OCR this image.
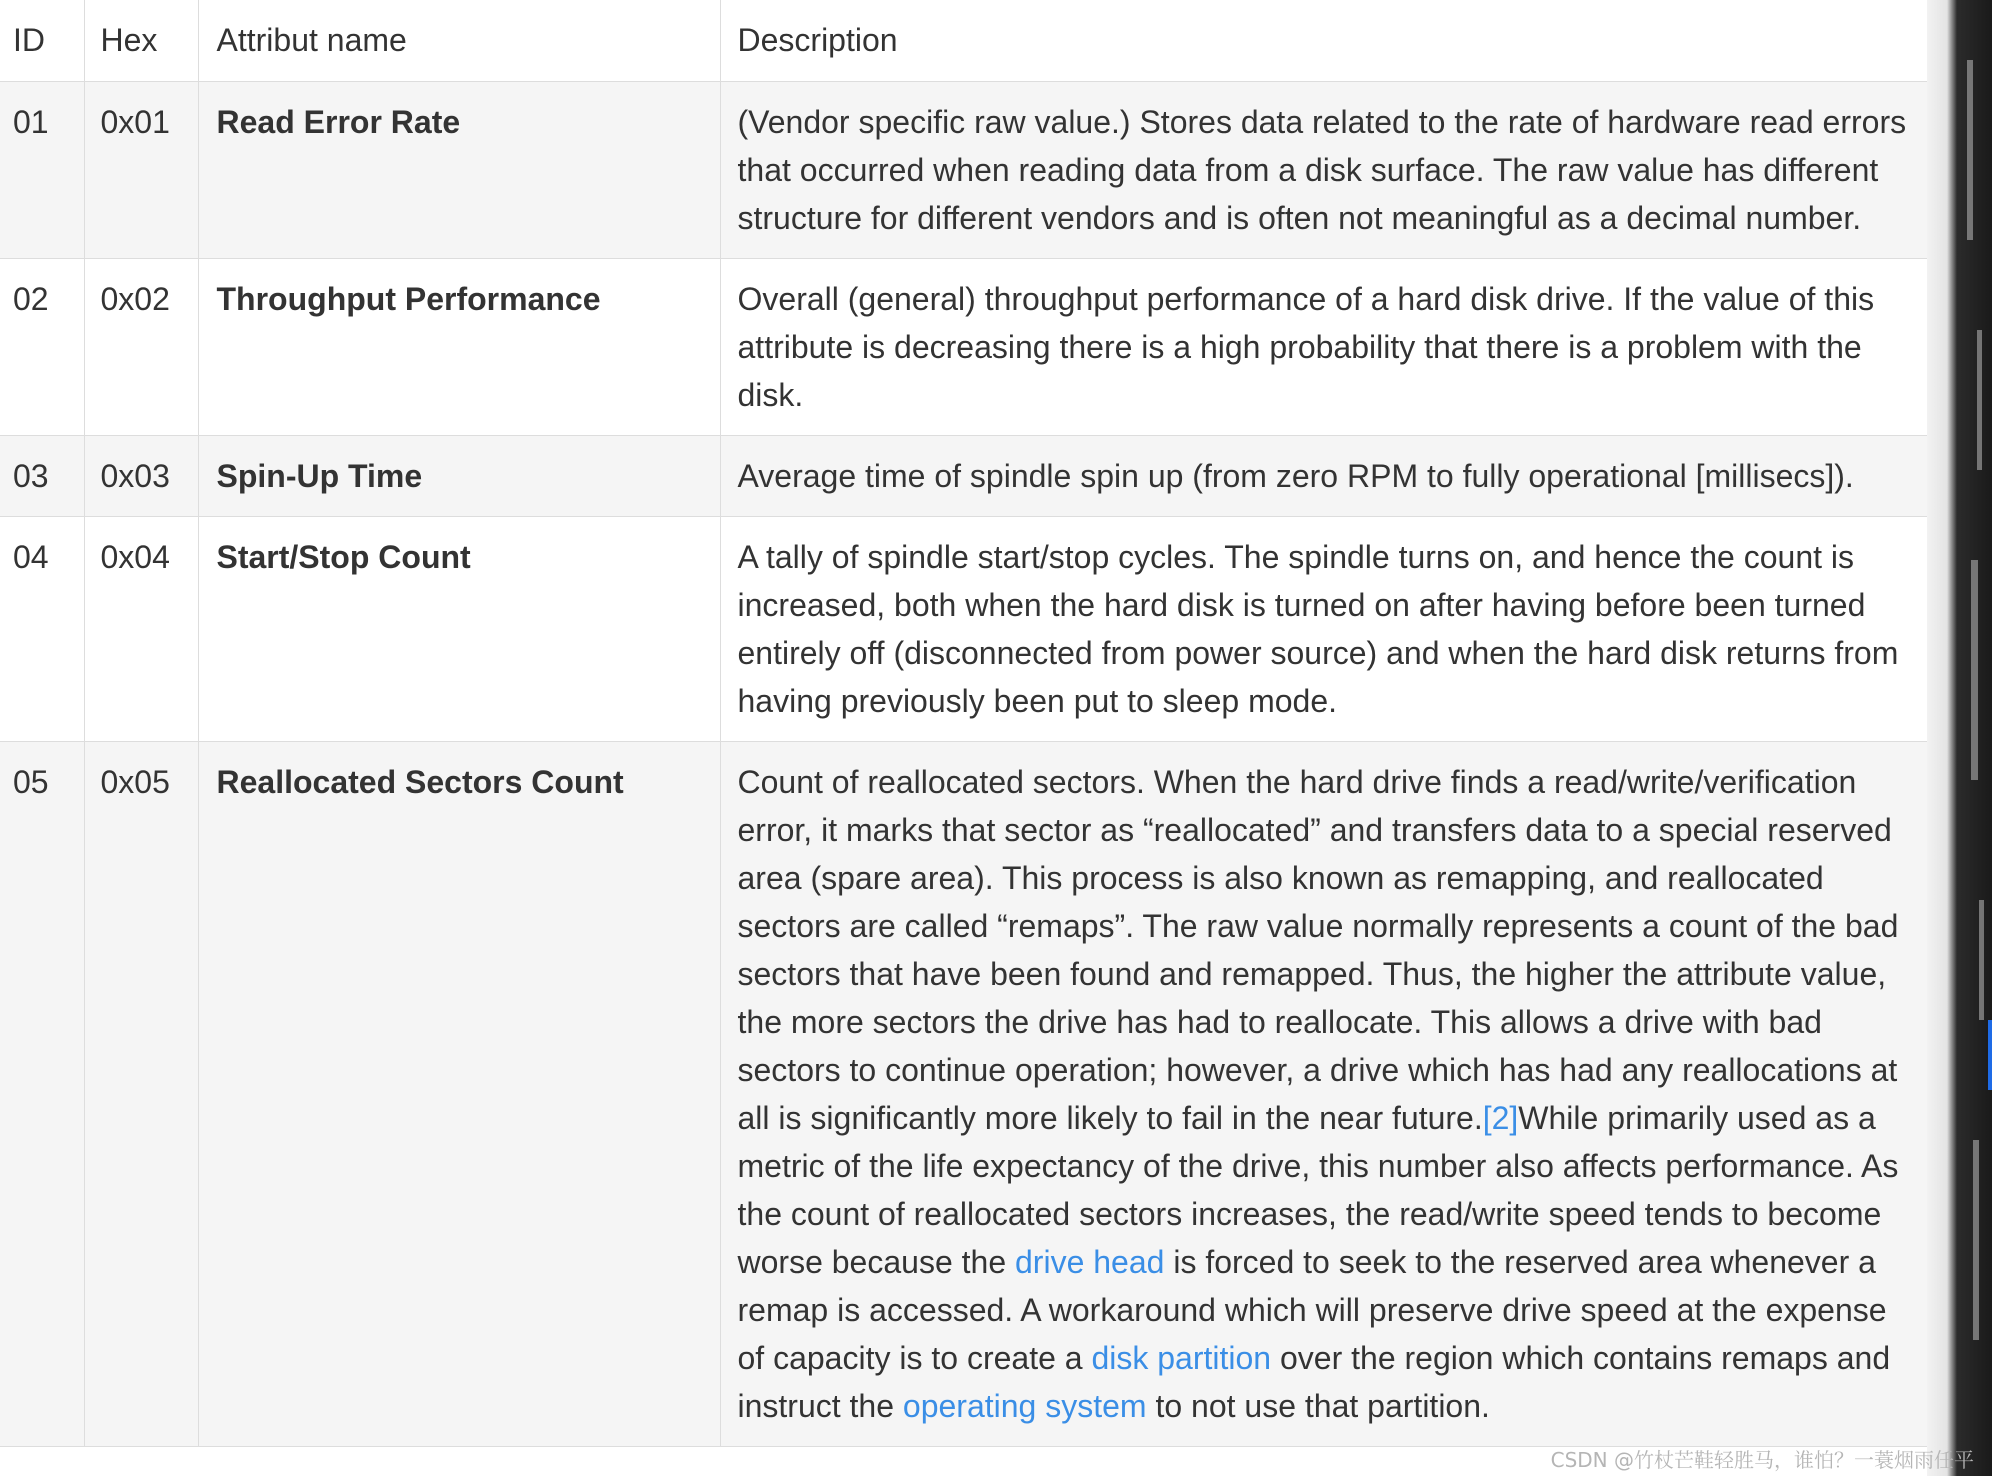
ID	Hex	Attribut name	Description
01	0x01	Read Error Rate	(Vendor specific raw value.) Stores data related to the rate of hardware read errors that occurred when reading data from a disk surface. The raw value has different structure for different vendors and is often not meaningful as a decimal number.
02	0x02	Throughput Performance	Overall (general) throughput performance of a hard disk drive. If the value of this attribute is decreasing there is a high probability that there is a problem with the disk.
03	0x03	Spin-Up Time	Average time of spindle spin up (from zero RPM to fully operational [millisecs]).
04	0x04	Start/Stop Count	A tally of spindle start/stop cycles. The spindle turns on, and hence the count is increased, both when the hard disk is turned on after having before been turned entirely off (disconnected from power source) and when the hard disk returns from having previously been put to sleep mode.
05	0x05	Reallocated Sectors Count	Count of reallocated sectors. When the hard drive finds a read/write/verification error, it marks that sector as “reallocated” and transfers data to a special reserved area (spare area). This process is also known as remapping, and reallocated sectors are called “remaps”. The raw value normally represents a count of the bad sectors that have been found and remapped. Thus, the higher the attribute value, the more sectors the drive has had to reallocate. This allows a drive with bad sectors to continue operation; however, a drive which has had any reallocations at all is significantly more likely to fail in the near future.[2]While primarily used as a metric of the life expectancy of the drive, this number also affects performance. As the count of reallocated sectors increases, the read/write speed tends to become worse because the drive head is forced to seek to the reserved area whenever a remap is accessed. A workaround which will preserve drive speed at the expense of capacity is to create a disk partition over the region which contains remaps and instruct the operating system to not use that partition.
CSDN @竹杖芒鞋轻胜马，谁怕？一蓑烟雨任平
